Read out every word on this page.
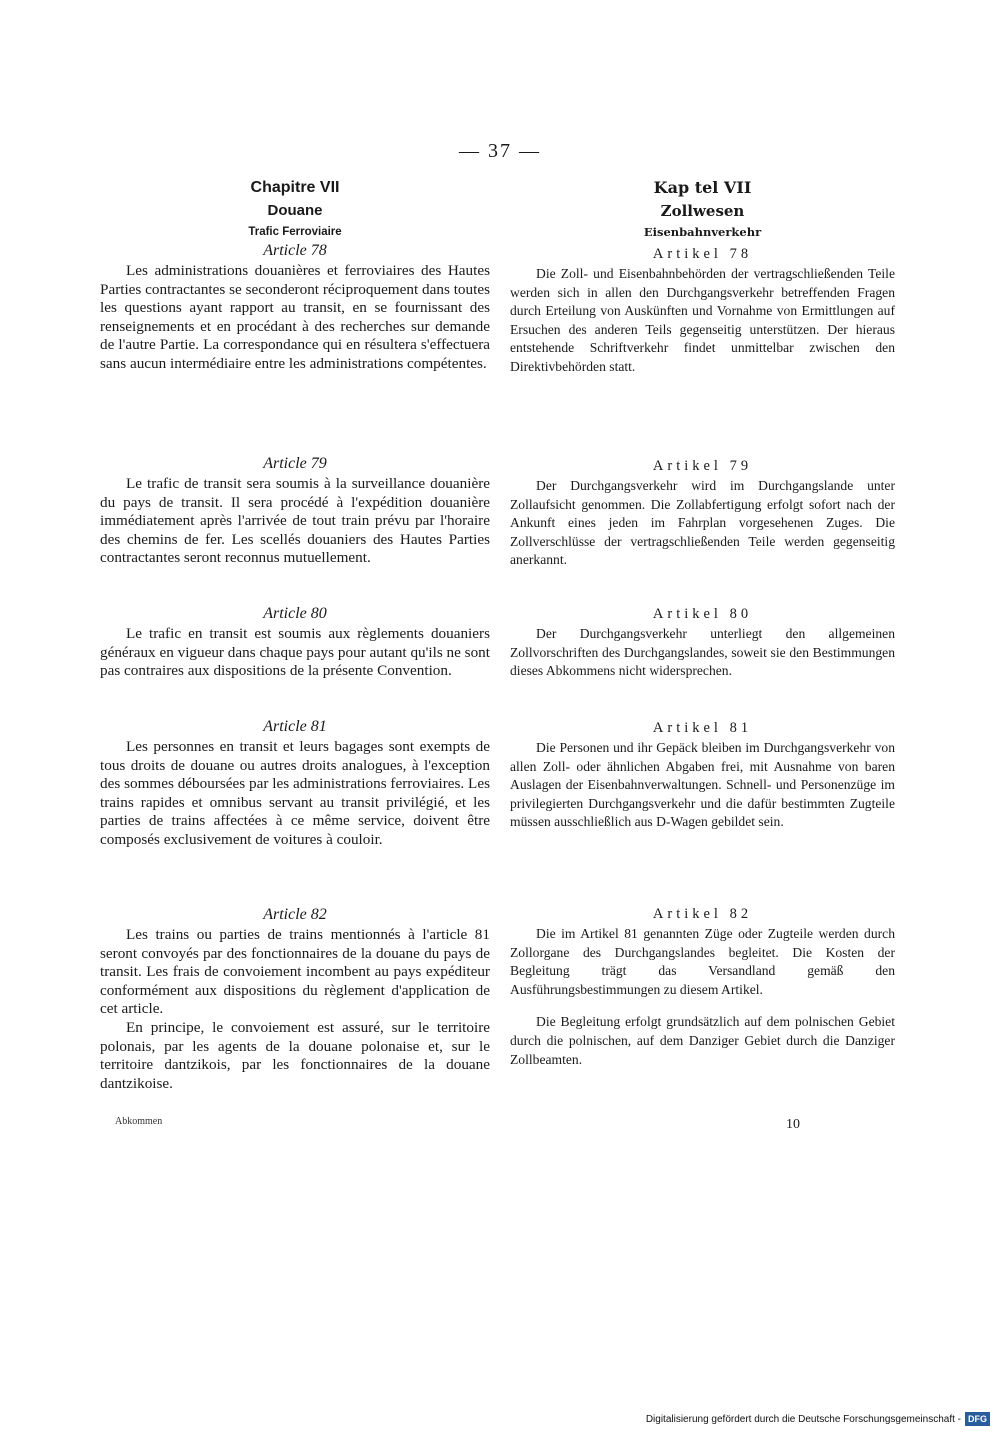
— 37 —

Chapitre VII

Douane

Trafic Ferroviaire

Article 78

Les administrations douanières et ferroviaires des Hautes Parties contractantes se seconderont réciproquement dans toutes les questions ayant rapport au transit, en se fournissant des renseignements et en procédant à des recherches sur demande de l'autre Partie. La correspondance qui en résultera s'effectuera sans aucun intermédiaire entre les administrations compétentes.

Article 79

Le trafic de transit sera soumis à la surveillance douanière du pays de transit. Il sera procédé à l'expédition douanière immédiatement après l'arrivée de tout train prévu par l'horaire des chemins de fer. Les scellés douaniers des Hautes Parties contractantes seront reconnus mutuellement.

Article 80

Le trafic en transit est soumis aux règlements douaniers généraux en vigueur dans chaque pays pour autant qu'ils ne sont pas contraires aux dispositions de la présente Convention.

Article 81

Les personnes en transit et leurs bagages sont exempts de tous droits de douane ou autres droits analogues, à l'exception des sommes déboursées par les administrations ferroviaires. Les trains rapides et omnibus servant au transit privilégié, et les parties de trains affectées à ce même service, doivent être composés exclusivement de voitures à couloir.

Article 82

Les trains ou parties de trains mentionnés à l'article 81 seront convoyés par des fonctionnaires de la douane du pays de transit. Les frais de convoiement incombent au pays expéditeur conformément aux dispositions du règlement d'application de cet article.

En principe, le convoiement est assuré, sur le territoire polonais, par les agents de la douane polonaise et, sur le territoire dantzikois, par les fonctionnaires de la douane dantzikoise.

Kap tel VII

Zollwesen

Eisenbahnverkehr

Artikel 78

Die Zoll- und Eisenbahnbehörden der vertragschließenden Teile werden sich in allen den Durchgangsverkehr betreffenden Fragen durch Erteilung von Auskünften und Vornahme von Ermittlungen auf Ersuchen des anderen Teils gegenseitig unterstützen. Der hieraus entstehende Schriftverkehr findet unmittelbar zwischen den Direktivbehörden statt.

Artikel 79

Der Durchgangsverkehr wird im Durchgangslande unter Zollaufsicht genommen. Die Zollabfertigung erfolgt sofort nach der Ankunft eines jeden im Fahrplan vorgesehenen Zuges. Die Zollverschlüsse der vertragschließenden Teile werden gegenseitig anerkannt.

Artikel 80

Der Durchgangsverkehr unterliegt den allgemeinen Zollvorschriften des Durchgangslandes, soweit sie den Bestimmungen dieses Abkommens nicht widersprechen.

Artikel 81

Die Personen und ihr Gepäck bleiben im Durchgangsverkehr von allen Zoll- oder ähnlichen Abgaben frei, mit Ausnahme von baren Auslagen der Eisenbahnverwaltungen. Schnell- und Personenzüge im privilegierten Durchgangsverkehr und die dafür bestimmten Zugteile müssen ausschließlich aus D-Wagen gebildet sein.

Artikel 82

Die im Artikel 81 genannten Züge oder Zugteile werden durch Zollorgane des Durchgangslandes begleitet. Die Kosten der Begleitung trägt das Versandland gemäß den Ausführungsbestimmungen zu diesem Artikel.

Die Begleitung erfolgt grundsätzlich auf dem polnischen Gebiet durch die polnischen, auf dem Danziger Gebiet durch die Danziger Zollbeamten.

Abkommen	10
Digitalisierung gefördert durch die Deutsche Forschungsgemeinschaft - DFG
